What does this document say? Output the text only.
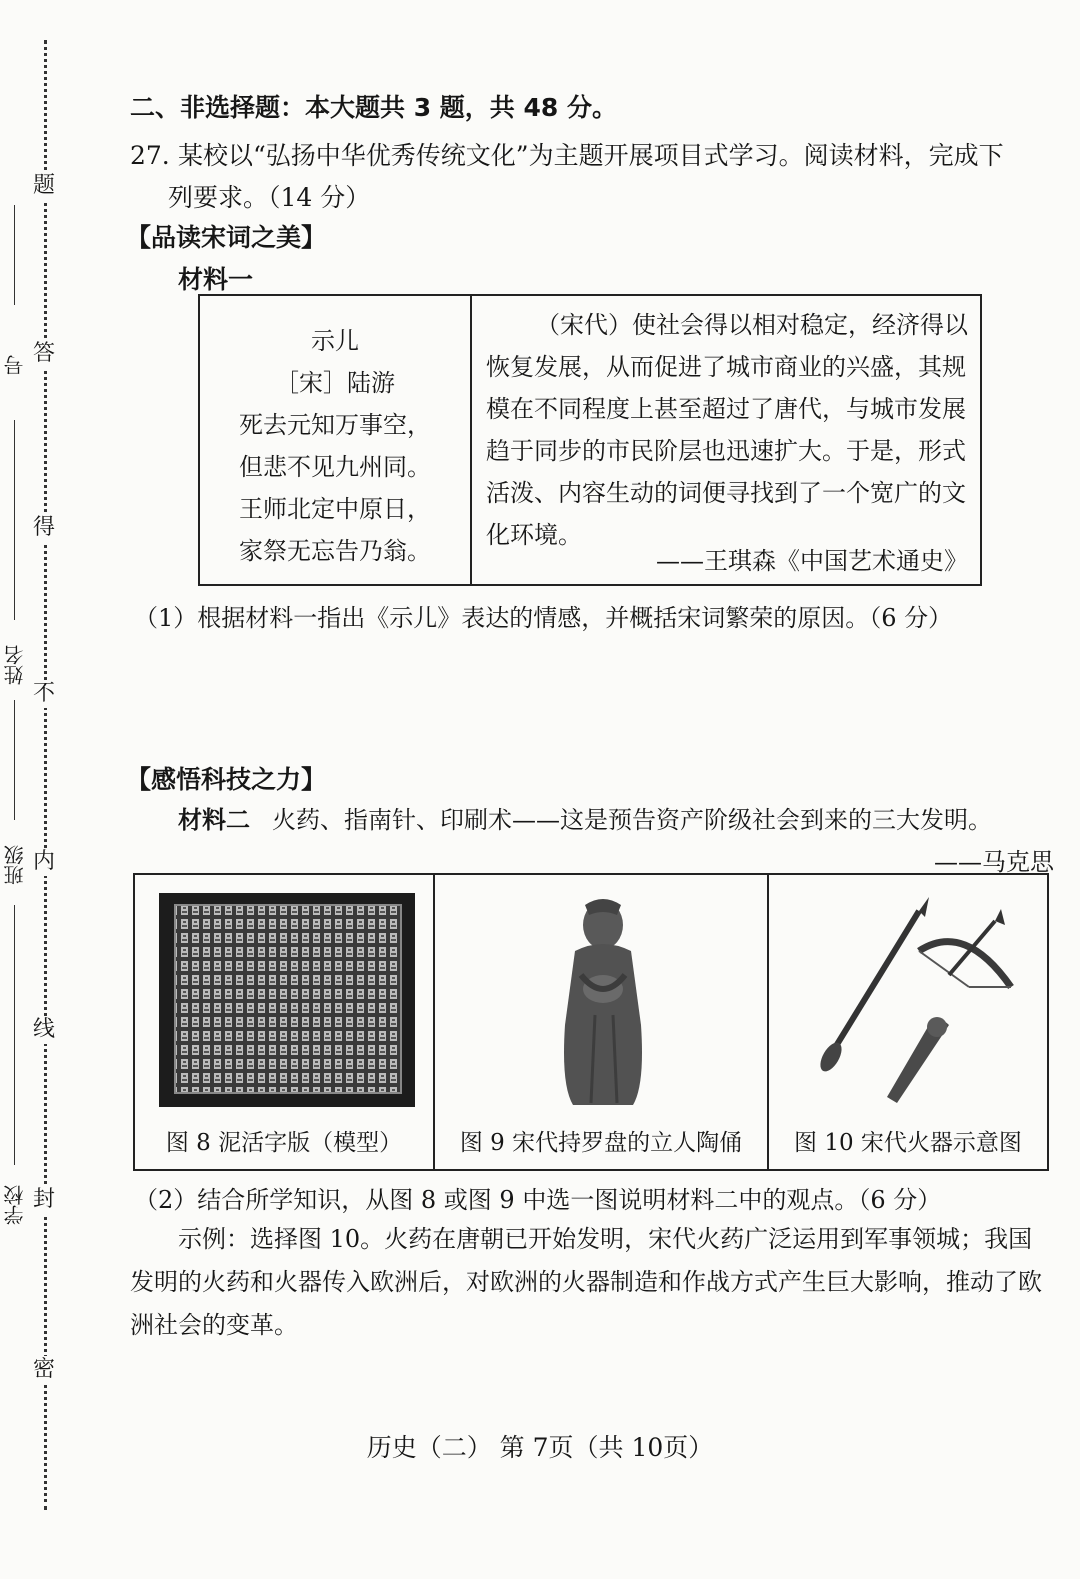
题
答
得
不
内
线
封
密
号
姓名
班级
学校
二、非选择题：本大题共 3 题，共 48 分。
27. 某校以“弘扬中华优秀传统文化”为主题开展项目式学习。阅读材料，完成下
列要求。（14 分）
【品读宋词之美】
材料一
示儿
［宋］陆游
死去元知万事空，
但悲不见九州同。
王师北定中原日，
家祭无忘告乃翁。
（宋代）使社会得以相对稳定，经济得以恢复发展，从而促进了城市商业的兴盛，其规模在不同程度上甚至超过了唐代，与城市发展趋于同步的市民阶层也迅速扩大。于是，形式活泼、内容生动的词便寻找到了一个宽广的文化环境。
——王琪森《中国艺术通史》
（1）根据材料一指出《示儿》表达的情感，并概括宋词繁荣的原因。（6 分）
【感悟科技之力】
材料二 火药、指南针、印刷术——这是预告资产阶级社会到来的三大发明。
——马克思
图 8 泥活字版（模型）	图 9 宋代持罗盘的立人陶俑	图 10 宋代火器示意图
（2）结合所学知识，从图 8 或图 9 中选一图说明材料二中的观点。（6 分）
示例：选择图 10。火药在唐朝已开始发明，宋代火药广泛运用到军事领城；我国发明的火药和火器传入欧洲后，对欧洲的火器制造和作战方式产生巨大影响，推动了欧洲社会的变革。
历史（二） 第 7页（共 10页）
